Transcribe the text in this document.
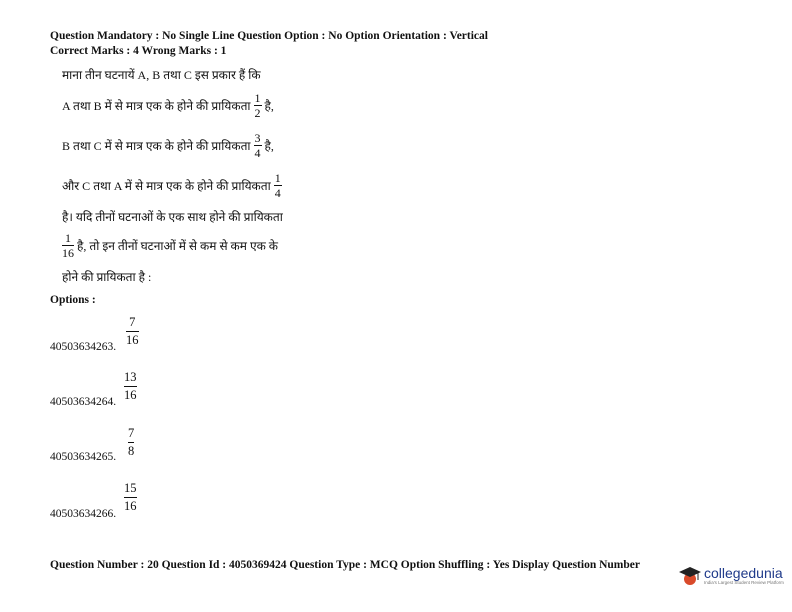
Question Mandatory : No Single Line Question Option : No Option Orientation : Vertical
Correct Marks : 4 Wrong Marks : 1
माना तीन घटनायें A, B तथा C इस प्रकार हैं कि
A तथा B में से मात्र एक के होने की प्रायिकता $\frac{1}{2}$ है,
B तथा C में से मात्र एक के होने की प्रायिकता $\frac{3}{4}$ है,
और C तथा A में से मात्र एक के होने की प्रायिकता $\frac{1}{4}$
है। यदि तीनों घटनाओं के एक साथ होने की प्रायिकता
$\frac{1}{16}$ है, तो इन तीनों घटनाओं में से कम से कम एक के
होने की प्रायिकता है :
Options :
7
16
40503634263.
13
16
40503634264.
7
8
40503634265.
15
16
40503634266.
Question Number : 20 Question Id : 4050369424 Question Type : MCQ Option Shuffling : Yes Display Question Number	collegedunia
India's Largest Student Review Platform
